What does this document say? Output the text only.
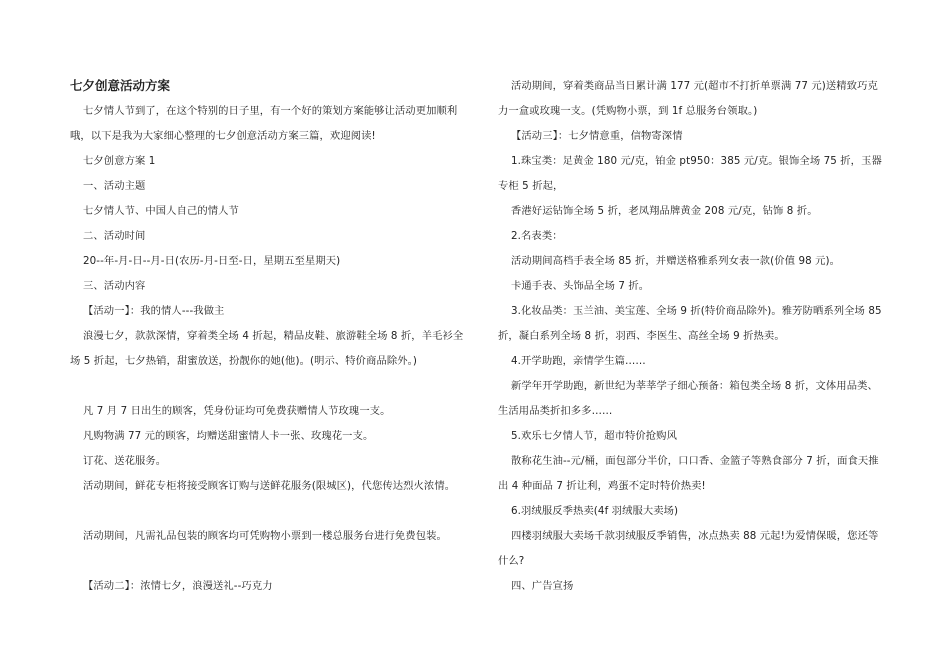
七夕创意活动方案

七夕情人节到了，在这个特别的日子里，有一个好的策划方案能够让活动更加顺利哦，以下是我为大家细心整理的七夕创意活动方案三篇，欢迎阅读!

七夕创意方案 1

一、活动主题

七夕情人节、中国人自己的情人节

二、活动时间

20--年-月-日--月-日(农历-月-日至-日，星期五至星期天)

三、活动内容

【活动一】：我的情人---我做主

浪漫七夕，款款深情，穿着类全场 4 折起，精品皮鞋、旅游鞋全场 8 折，羊毛衫全场 5 折起，七夕热销，甜蜜放送，扮靓你的她(他)。(明示、特价商品除外。)

凡 7 月 7 日出生的顾客，凭身份证均可免费获赠情人节玫瑰一支。

凡购物满 77 元的顾客，均赠送甜蜜情人卡一张、玫瑰花一支。

订花、送花服务。

活动期间，鲜花专柜将接受顾客订购与送鲜花服务(限城区)，代您传达烈火浓情。

活动期间，凡需礼品包装的顾客均可凭购物小票到一楼总服务台进行免费包装。

【活动二】：浓情七夕，浪漫送礼--巧克力

活动期间，穿着类商品当日累计满 177 元(超市不打折单票满 77 元)送精致巧克力一盒或玫瑰一支。(凭购物小票，到 1f 总服务台领取。)

【活动三】：七夕情意重，信物寄深情

1.珠宝类：足黄金 180 元/克，铂金 pt950：385 元/克。银饰全场 75 折，玉器专柜 5 折起，

香港好运钻饰全场 5 折，老凤翔品牌黄金 208 元/克，钻饰 8 折。

2.名表类：

活动期间高档手表全场 85 折，并赠送格雅系列女表一款(价值 98 元)。

卡通手表、头饰品全场 7 折。

3.化妆品类：玉兰油、美宝莲、全场 9 折(特价商品除外)。雅芳防晒系列全场 85 折，凝白系列全场 8 折，羽西、李医生、高丝全场 9 折热卖。

4.开学助跑，亲情学生篇……

新学年开学助跑，新世纪为莘莘学子细心预备：箱包类全场 8 折，文体用品类、生活用品类折扣多多……

5.欢乐七夕情人节，超市特价抢购风

散称花生油--元/桶，面包部分半价，口口香、金篮子等熟食部分 7 折，面食天推出 4 种面品 7 折让利，鸡蛋不定时特价热卖!

6.羽绒服反季热卖(4f 羽绒服大卖场)

四楼羽绒服大卖场千款羽绒服反季销售，冰点热卖 88 元起!为爱情保暖，您还等什么?

四、广告宣扬
